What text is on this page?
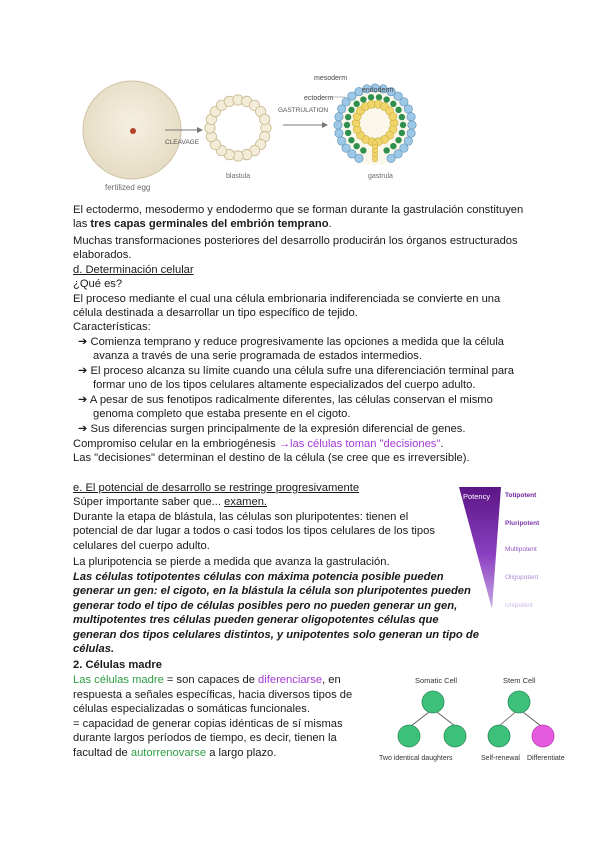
fertilized egg
CLEAVAGE
blastula
GASTRULATION
mesoderm
ectoderm
endoderm
gastrula
El ectodermo, mesodermo y endodermo que se forman durante la gastrulación constituyen
las tres capas germinales del embrión temprano.
Muchas transformaciones posteriores del desarrollo producirán los órganos estructurados
elaborados.
d. Determinación celular
¿Qué es?
El proceso mediante el cual una célula embrionaria indiferenciada se convierte en una
célula destinada a desarrollar un tipo específico de tejido.
Características:
➔ Comienza temprano y reduce progresivamente las opciones a medida que la célula
avanza a través de una serie programada de estados intermedios.
➔ El proceso alcanza su límite cuando una célula sufre una diferenciación terminal para
formar uno de los tipos celulares altamente especializados del cuerpo adulto.
➔ A pesar de sus fenotipos radicalmente diferentes, las células conservan el mismo
genoma completo que estaba presente en el cigoto.
➔ Sus diferencias surgen principalmente de la expresión diferencial de genes.
Compromiso celular en la embriogénesis →las células toman "decisiones".
Las "decisiones" determinan el destino de la célula (se cree que es irreversible).
e. El potencial de desarrollo se restringe progresivamente
Súper importante saber que... examen.
Durante la etapa de blástula, las células son pluripotentes: tienen el
potencial de dar lugar a todos o casi todos los tipos celulares de los tipos
celulares del cuerpo adulto.
La pluripotencia se pierde a medida que avanza la gastrulación.
Las células totipotentes células con máxima potencia posible pueden
generar un gen: el cigoto, en la blástula la célula son pluripotentes pueden
generar todo el tipo de células posibles pero no pueden generar un gen,
multipotentes tres células pueden generar oligopotentes células que
generan dos tipos celulares distintos, y unipotentes solo generan un tipo de
células.
Potency Totipotent
Pluripotent
Multipotent
Oligopotent
Unipotent
2. Células madre
Las células madre = son capaces de diferenciarse, en
respuesta a señales específicas, hacia diversos tipos de
células especializadas o somáticas funcionales.
= capacidad de generar copias idénticas de sí mismas
durante largos períodos de tiempo, es decir, tienen la
facultad de autorrenovarse a largo plazo.
Somatic Cell	Stem Cell
Two identical daughters	Self-renewal Differentiate
